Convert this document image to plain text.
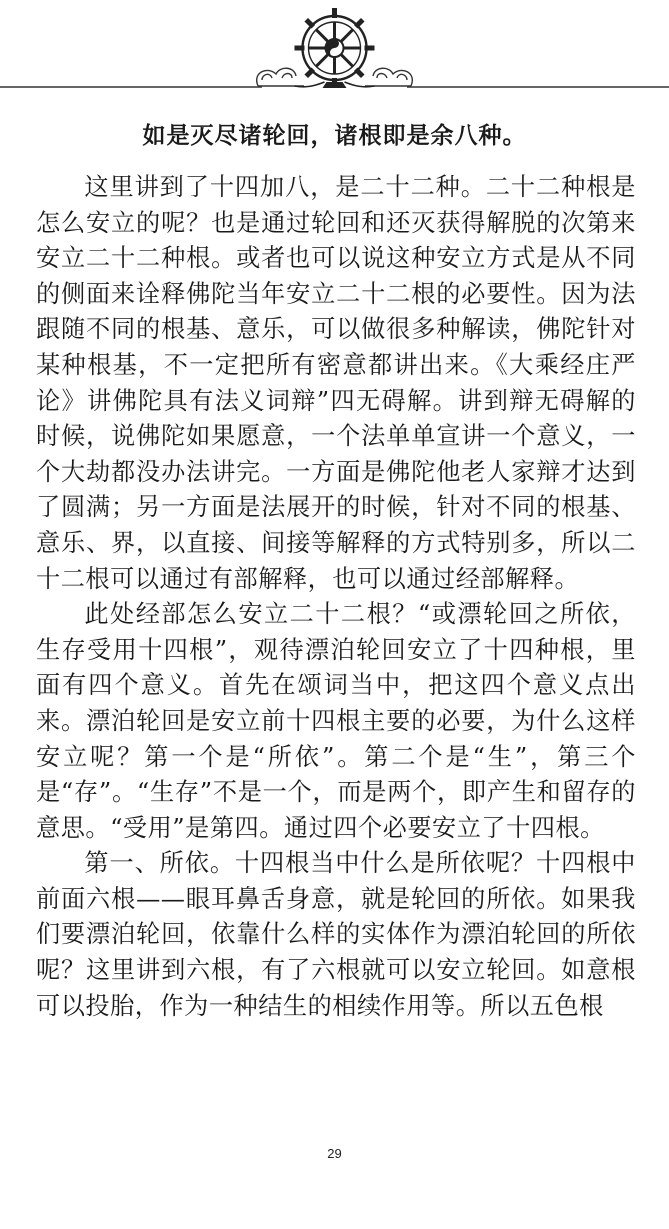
如是灭尽诸轮回，诸根即是余八种。

这里讲到了十四加八，是二十二种。二十二种根是怎么安立的呢？也是通过轮回和还灭获得解脱的次第来安立二十二种根。或者也可以说这种安立方式是从不同的侧面来诠释佛陀当年安立二十二根的必要性。因为法跟随不同的根基、意乐，可以做很多种解读，佛陀针对某种根基，不一定把所有密意都讲出来。《大乘经庄严论》讲佛陀具有法义词辩”四无碍解。讲到辩无碍解的时候，说佛陀如果愿意，一个法单单宣讲一个意义，一个大劫都没办法讲完。一方面是佛陀他老人家辩才达到了圆满；另一方面是法展开的时候，针对不同的根基、意乐、界，以直接、间接等解释的方式特别多，所以二十二根可以通过有部解释，也可以通过经部解释。

此处经部怎么安立二十二根？“或漂轮回之所依，生存受用十四根”，观待漂泊轮回安立了十四种根，里面有四个意义。首先在颂词当中，把这四个意义点出来。漂泊轮回是安立前十四根主要的必要，为什么这样安立呢？第一个是“所依”。第二个是“生”，第三个是“存”。“生存”不是一个，而是两个，即产生和留存的意思。“受用”是第四。通过四个必要安立了十四根。

第一、所依。十四根当中什么是所依呢？十四根中前面六根——眼耳鼻舌身意，就是轮回的所依。如果我们要漂泊轮回，依靠什么样的实体作为漂泊轮回的所依呢？这里讲到六根，有了六根就可以安立轮回。如意根可以投胎，作为一种结生的相续作用等。所以五色根

29
